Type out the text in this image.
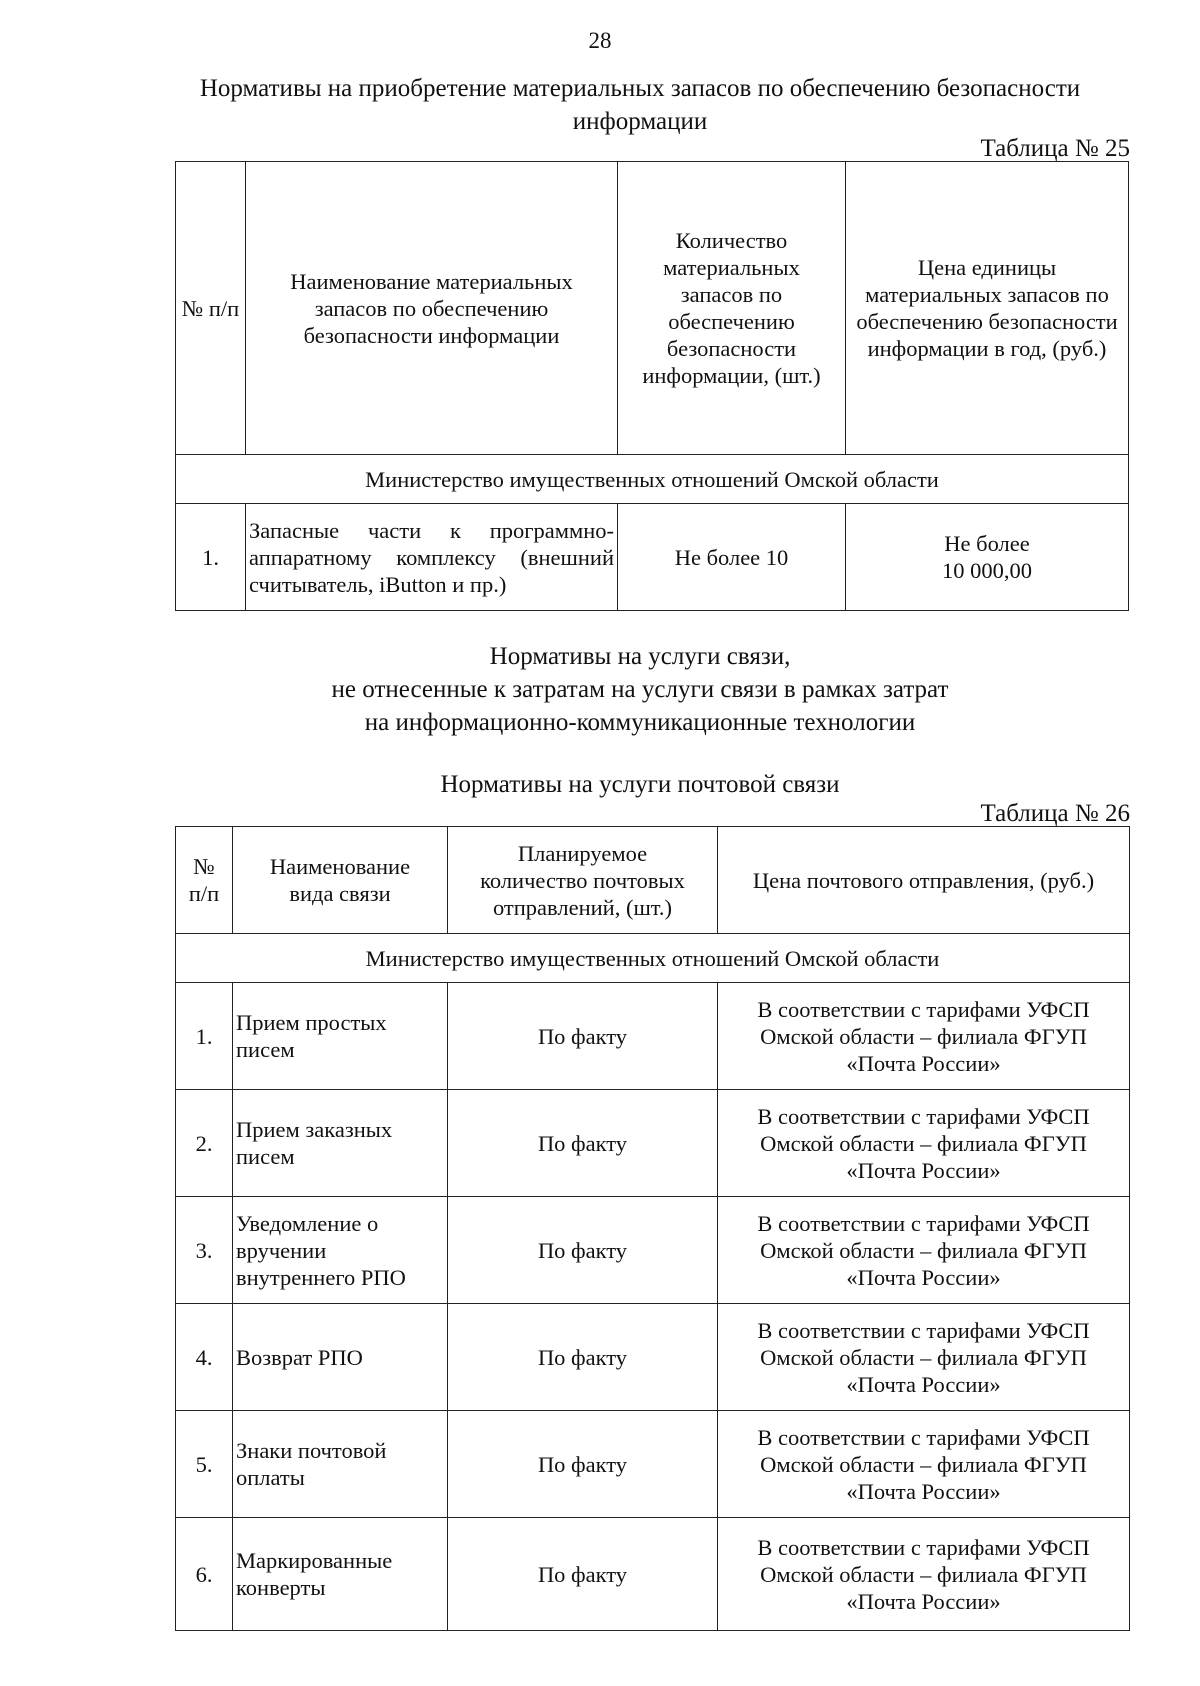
28
Нормативы на приобретение материальных запасов по обеспечению безопасности
информации
Таблица № 25
№ п/п	Наименование материальных запасов по обеспечению безопасности информации	Количество материальных запасов по обеспечению безопасности информации, (шт.)	Цена единицы материальных запасов по обеспечению безопасности информации в год, (руб.)
Министерство имущественных отношений Омской области			
1.	Запасные части к программно-аппаратному комплексу (внешний считыватель, iButton и пр.)	Не более 10	Не более
10 000,00
Нормативы на услуги связи,
не отнесенные к затратам на услуги связи в рамках затрат
на информационно-коммуникационные технологии
Нормативы на услуги почтовой связи
Таблица № 26
№
п/п	Наименование вида связи	Планируемое количество почтовых отправлений, (шт.)	Цена почтового отправления, (руб.)
Министерство имущественных отношений Омской области			
1.	Прием простых писем	По факту	В соответствии с тарифами УФСП
Омской области – филиала ФГУП
«Почта России»

2.	Прием заказных писем	По факту	В соответствии с тарифами УФСП
Омской области – филиала ФГУП
«Почта России»

3.	Уведомление о вручении внутреннего РПО	По факту	В соответствии с тарифами УФСП
Омской области – филиала ФГУП
«Почта России»

4.	Возврат РПО	По факту	В соответствии с тарифами УФСП
Омской области – филиала ФГУП
«Почта России»

5.	Знаки почтовой оплаты	По факту	В соответствии с тарифами УФСП
Омской области – филиала ФГУП
«Почта России»

6.	Маркированные конверты	По факту	В соответствии с тарифами УФСП
Омской области – филиала ФГУП
«Почта России»
